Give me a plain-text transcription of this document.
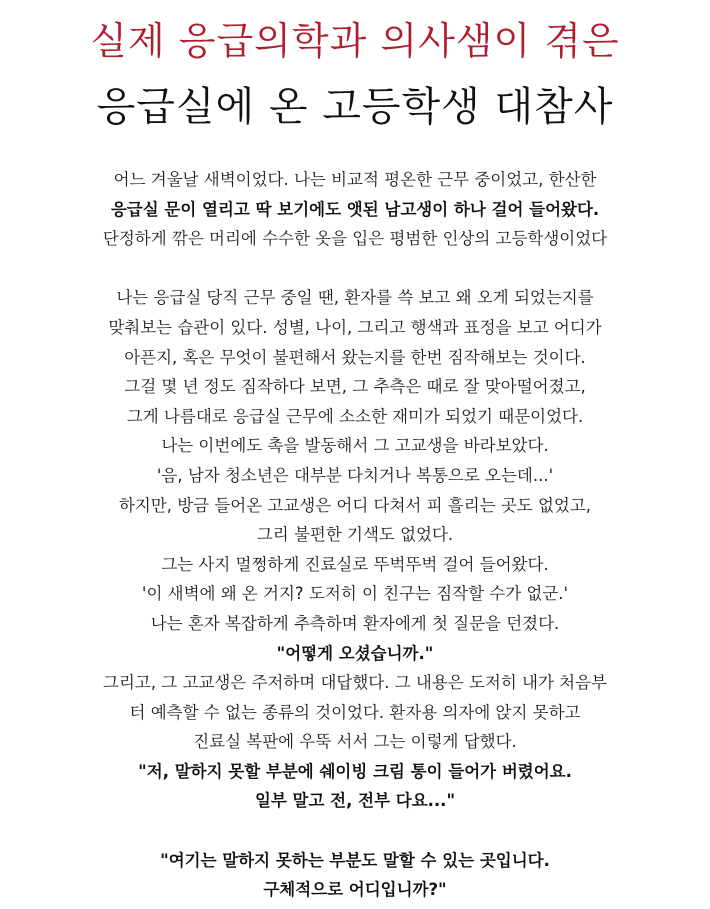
실제 응급의학과 의사샘이 겪은
응급실에 온 고등학생 대참사
어느 겨울날 새벽이었다. 나는 비교적 평온한 근무 중이었고, 한산한
응급실 문이 열리고 딱 보기에도 앳된 남고생이 하나 걸어 들어왔다.
단정하게 깎은 머리에 수수한 옷을 입은 평범한 인상의 고등학생이었다
나는 응급실 당직 근무 중일 땐, 환자를 쓱 보고 왜 오게 되었는지를
맞춰보는 습관이 있다. 성별, 나이, 그리고 행색과 표정을 보고 어디가
아픈지, 혹은 무엇이 불편해서 왔는지를 한번 짐작해보는 것이다.
그걸 몇 년 정도 짐작하다 보면, 그 추측은 때로 잘 맞아떨어졌고,
그게 나름대로 응급실 근무에 소소한 재미가 되었기 때문이었다.
나는 이번에도 촉을 발동해서 그 고교생을 바라보았다.
'음, 남자 청소년은 대부분 다치거나 복통으로 오는데...'
하지만, 방금 들어온 고교생은 어디 다쳐서 피 흘리는 곳도 없었고,
그리 불편한 기색도 없었다.
그는 사지 멀쩡하게 진료실로 뚜벅뚜벅 걸어 들어왔다.
'이 새벽에 왜 온 거지? 도저히 이 친구는 짐작할 수가 없군.'
나는 혼자 복잡하게 추측하며 환자에게 첫 질문을 던졌다.
"어떻게 오셨습니까."
그리고, 그 고교생은 주저하며 대답했다. 그 내용은 도저히 내가 처음부
터 예측할 수 없는 종류의 것이었다. 환자용 의자에 앉지 못하고
진료실 복판에 우뚝 서서 그는 이렇게 답했다.
"저, 말하지 못할 부분에 쉐이빙 크림 통이 들어가 버렸어요.
일부 말고 전, 전부 다요..."
"여기는 말하지 못하는 부분도 말할 수 있는 곳입니다.
구체적으로 어디입니까?"
